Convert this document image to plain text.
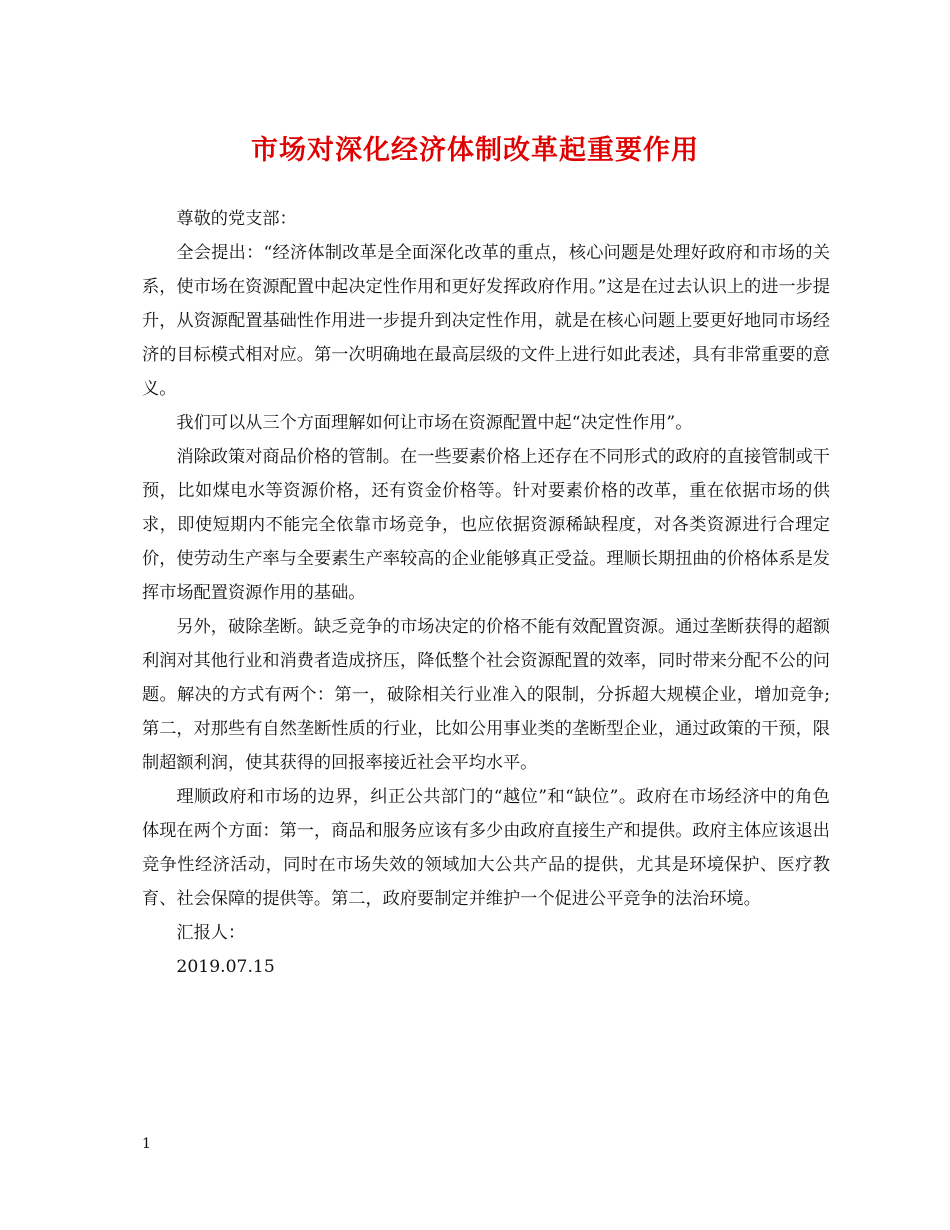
市场对深化经济体制改革起重要作用

尊敬的党支部：

全会提出：“经济体制改革是全面深化改革的重点，核心问题是处理好政府和市场的关系，使市场在资源配置中起决定性作用和更好发挥政府作用。”这是在过去认识上的进一步提升，从资源配置基础性作用进一步提升到决定性作用，就是在核心问题上要更好地同市场经济的目标模式相对应。第一次明确地在最高层级的文件上进行如此表述，具有非常重要的意义。

我们可以从三个方面理解如何让市场在资源配置中起“决定性作用”。

消除政策对商品价格的管制。在一些要素价格上还存在不同形式的政府的直接管制或干预，比如煤电水等资源价格，还有资金价格等。针对要素价格的改革，重在依据市场的供求，即使短期内不能完全依靠市场竞争，也应依据资源稀缺程度，对各类资源进行合理定价，使劳动生产率与全要素生产率较高的企业能够真正受益。理顺长期扭曲的价格体系是发挥市场配置资源作用的基础。

另外，破除垄断。缺乏竞争的市场决定的价格不能有效配置资源。通过垄断获得的超额利润对其他行业和消费者造成挤压，降低整个社会资源配置的效率，同时带来分配不公的问题。解决的方式有两个：第一，破除相关行业准入的限制，分拆超大规模企业，增加竞争;第二，对那些有自然垄断性质的行业，比如公用事业类的垄断型企业，通过政策的干预，限制超额利润，使其获得的回报率接近社会平均水平。

理顺政府和市场的边界，纠正公共部门的“越位”和“缺位”。政府在市场经济中的角色体现在两个方面：第一，商品和服务应该有多少由政府直接生产和提供。政府主体应该退出竞争性经济活动，同时在市场失效的领域加大公共产品的提供，尤其是环境保护、医疗教育、社会保障的提供等。第二，政府要制定并维护一个促进公平竞争的法治环境。

汇报人：

2019.07.15

1
